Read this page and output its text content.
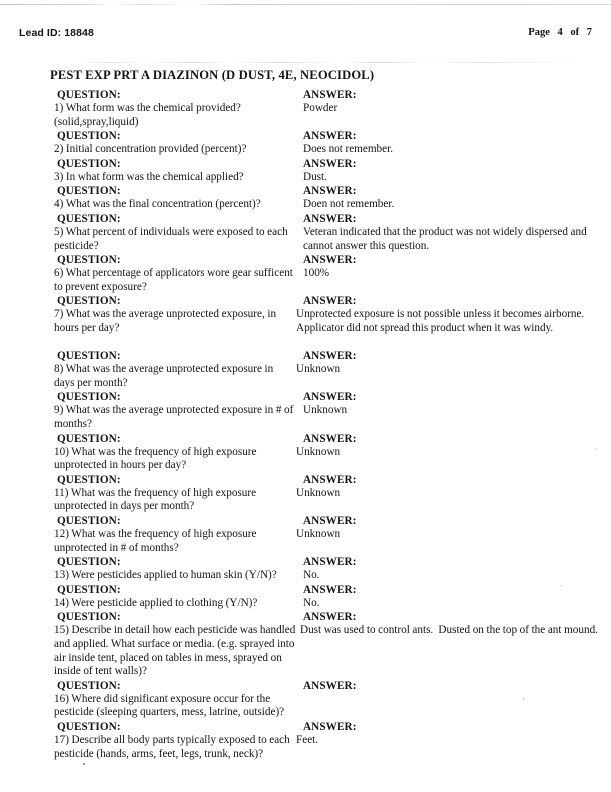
Lead ID: 18848	Page 4 of 7
PEST EXP PRT A DIAZINON (D DUST, 4E, NEOCIDOL)
QUESTION:	ANSWER:
1) What form was the chemical provided?(solid,spray,liquid)
Powder
QUESTION:	ANSWER:
2) Initial concentration provided (percent)?	Does not remember.
QUESTION:	ANSWER:
3) In what form was the chemical applied?	Dust.
QUESTION:	ANSWER:
4) What was the final concentration (percent)?	Doen not remember.
QUESTION:	ANSWER:
5) What percent of individuals were exposed to each pesticide?
Veteran indicated that the product was not widely dispersed and cannot answer this question.
QUESTION:	ANSWER:
6) What percentage of applicators wore gear sufficent to prevent exposure?
100%
QUESTION:	ANSWER:
7) What was the average unprotected exposure, in hours per day?
Unprotected exposure is not possible unless it becomes airborne.  Applicator did not spread this product when it was windy.
QUESTION:	ANSWER:
8) What was the average unprotected exposure in days per month?
Unknown
QUESTION:	ANSWER:
9) What was the average unprotected exposure in # of months?
Unknown
QUESTION:	ANSWER:
10) What was the frequency of high exposure unprotected in hours per day?
Unknown
QUESTION:	ANSWER:
11) What was the frequency of high exposure unprotected in days per month?
Unknown
QUESTION:	ANSWER:
12) What was the frequency of high exposure unprotected in # of months?
Unknown
QUESTION:	ANSWER:
13) Were pesticides applied to human skin (Y/N)?	No.
QUESTION:	ANSWER:
14) Were pesticide applied to clothing (Y/N)?	No.
QUESTION:	ANSWER:
15) Describe in detail how each pesticide was handled and applied. What surface or media. (e.g. sprayed into air inside tent, placed on tables in mess, sprayed on inside of tent walls)?
Dust was used to control ants.  Dusted on the top of the ant mound.
QUESTION:	ANSWER:
16) Where did significant exposure occur for the pesticide (sleeping quarters, mess, latrine, outside)?
QUESTION:	ANSWER:
17) Describe all body parts typically exposed to each pesticide (hands, arms, feet, legs, trunk, neck)?
Feet.
